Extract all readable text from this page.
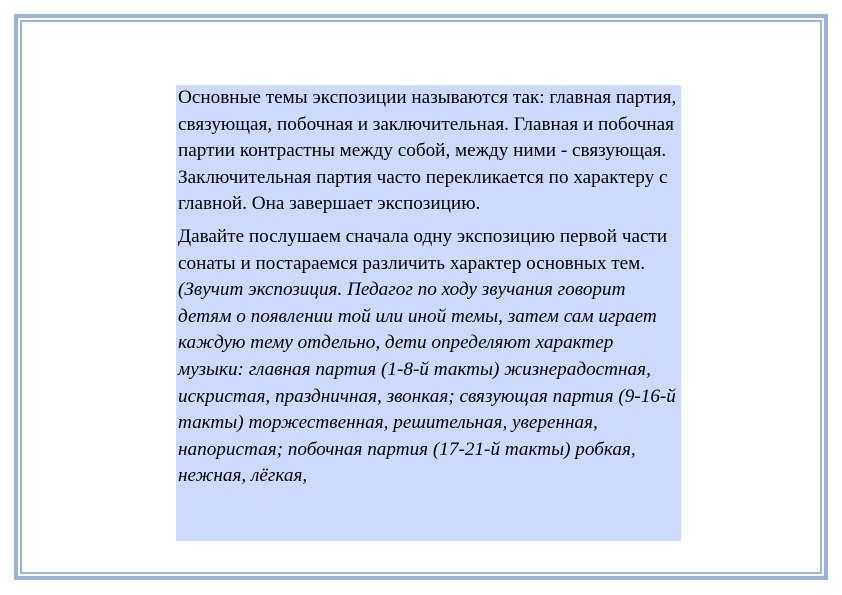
Основные темы экспозиции называются так: главная партия, связующая, побочная и заключительная. Главная и побочная партии контрастны между собой, между ними - связующая. Заключительная партия часто перекликается по характеру с главной. Она завершает экспозицию.

Давайте послушаем сначала одну экспозицию первой части сонаты и постараемся различить характер основных тем. (Звучит экспозиция. Педагог по ходу звучания говорит детям о появлении той или иной темы, затем сам играет каждую тему отдельно, дети определяют характер музыки: главная партия (1-8-й такты) жизнерадостная, искристая, праздничная, звонкая; связующая партия (9-16-й такты) торжественная, решительная, уверенная, напористая; побочная партия (17-21-й такты) робкая, нежная, лёгкая,
